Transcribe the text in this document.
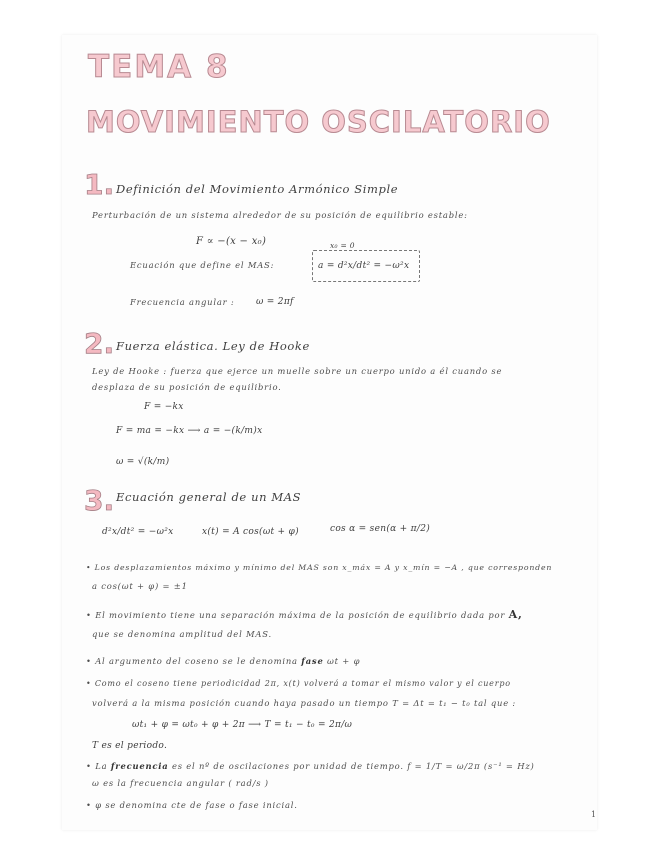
TEMA 8
MOVIMIENTO OSCILATORIO
1. Definición del Movimiento Armónico Simple
Perturbación de un sistema alrededor de su posición de equilibrio estable:
F ∝ −(x − x₀)	x₀ = 0
Ecuación que define el MAS:	a = d²x/dt² = −ω²x
Frecuencia angular : ω = 2πf
2. Fuerza elástica. Ley de Hooke
Ley de Hooke : fuerza que ejerce un muelle sobre un cuerpo unido a él cuando se
desplaza de su posición de equilibrio.
F = −kx
F = ma = −kx ⟶ a = −(k/m)x
ω = √(k/m)
3. Ecuación general de un MAS
d²x/dt² = −ω²x	x(t) = A cos(ωt + φ)	cos α = sen(α + π/2)
• Los desplazamientos máximo y mínimo del MAS son x_máx = A y x_mín = −A , que corresponden
a cos(ωt + φ) = ±1
• El movimiento tiene una separación máxima de la posición de equilibrio dada por A,
que se denomina amplitud del MAS.
• Al argumento del coseno se le denomina fase ωt + φ
• Como el coseno tiene periodicidad 2π, x(t) volverá a tomar el mismo valor y el cuerpo
volverá a la misma posición cuando haya pasado un tiempo T = Δt = t₁ − t₀ tal que :
ωt₁ + φ = ωt₀ + φ + 2π ⟶ T = t₁ − t₀ = 2π/ω
T es el periodo.
• La frecuencia es el nº de oscilaciones por unidad de tiempo. f = 1/T = ω/2π (s⁻¹ = Hz)
ω es la frecuencia angular ( rad/s )
• φ se denomina cte de fase o fase inicial.
1
